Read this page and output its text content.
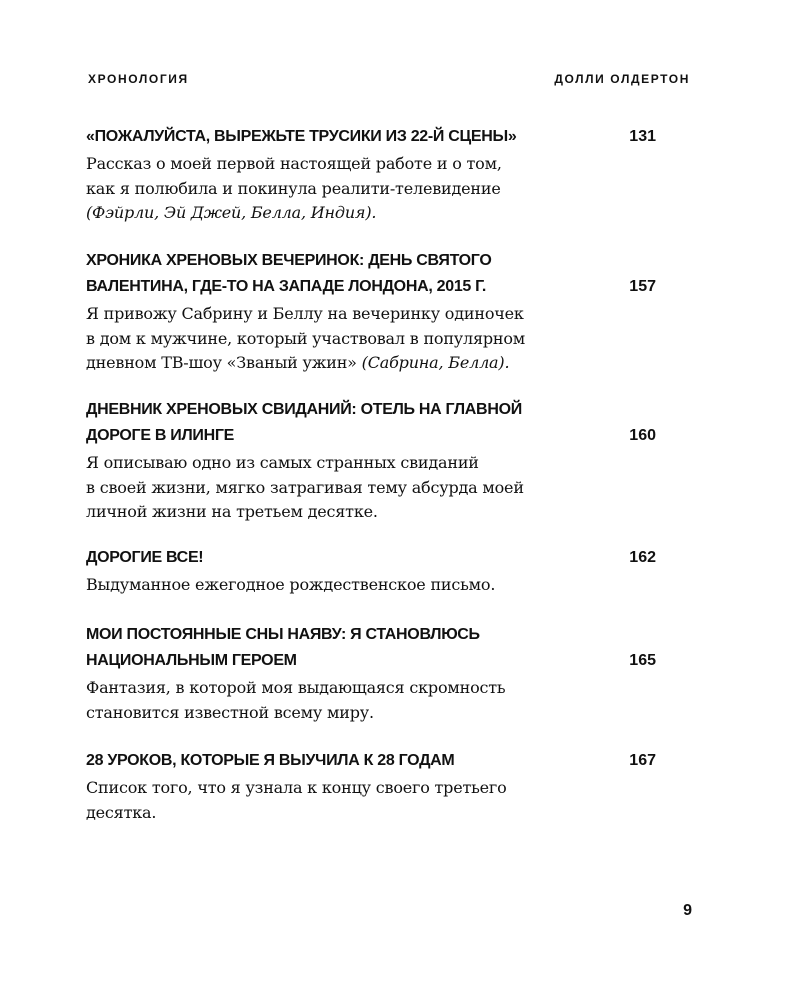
ХРОНОЛОГИЯ	ДОЛЛИ ОЛДЕРТОН
«ПОЖАЛУЙСТА, ВЫРЕЖЬТЕ ТРУСИКИ ИЗ 22-Й СЦЕНЫ»	131
Рассказ о моей первой настоящей работе и о том,
как я полюбила и покинула реалити-телевидение
(Фэйрли, Эй Джей, Белла, Индия).
ХРОНИКА ХРЕНОВЫХ ВЕЧЕРИНОК: ДЕНЬ СВЯТОГО
ВАЛЕНТИНА, ГДЕ-ТО НА ЗАПАДЕ ЛОНДОНА, 2015 Г.	157
Я привожу Сабрину и Беллу на вечеринку одиночек
в дом к мужчине, который участвовал в популярном
дневном ТВ-шоу «Званый ужин» (Сабрина, Белла).
ДНЕВНИК ХРЕНОВЫХ СВИДАНИЙ: ОТЕЛЬ НА ГЛАВНОЙ
ДОРОГЕ В ИЛИНГЕ	160
Я описываю одно из самых странных свиданий
в своей жизни, мягко затрагивая тему абсурда моей
личной жизни на третьем десятке.
ДОРОГИЕ ВСЕ!	162
Выдуманное ежегодное рождественское письмо.
МОИ ПОСТОЯННЫЕ СНЫ НАЯВУ: Я СТАНОВЛЮСЬ
НАЦИОНАЛЬНЫМ ГЕРОЕМ	165
Фантазия, в которой моя выдающаяся скромность
становится известной всему миру.
28 УРОКОВ, КОТОРЫЕ Я ВЫУЧИЛА К 28 ГОДАМ	167
Список того, что я узнала к концу своего третьего
десятка.
9
